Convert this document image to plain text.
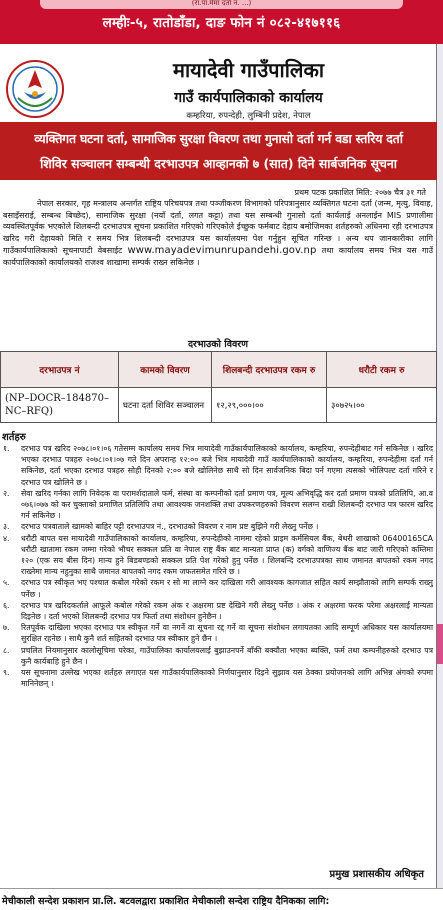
(रा.पा.मेमा दर्ता नं. ...)
लम्हीः-५, रातोडाँडा, दाङ फोन नं ०८२-४१७११६
मायादेवी गाउँपालिका
गाउँ कार्यपालिकाको कार्यालय
कम्हरिया, रुपन्देही, लुम्बिनी प्रदेश, नेपाल
व्यक्तिगत घटना दर्ता, सामाजिक सुरक्षा विवरण तथा गुनासो दर्ता गर्न वडा स्तरिय दर्ता
शिविर सञ्चालन सम्बन्धी दरभाउपत्र आव्हानको ७ (सात) दिने सार्बजनिक सूचना
प्रथम पटक प्रकाशित मिति: २०७७ चैत्र ३१ गते

नेपाल सरकार, गृह मन्त्रालय अन्तर्गत राष्ट्रिय परिचयपत्र तथा पञ्जीकरण विभागको परिपत्रानुसार व्यक्तिगत घटना दर्ता (जन्म, मृत्यु, विवाह, बसाइँसराई, सम्बन्ध बिच्छेद), सामाजिक सुरक्षा (नयाँ दर्ता, लगत कट्टा) तथा यस सम्बन्धी गुनासो दर्ता कार्यलाई अनलाईन MIS प्रणालीमा व्यवस्थितपूर्वक भएकोले शिलबन्दी दरभाउपत्र सूचना प्रकाशित गरिएको गरिएकोले ईच्छुक फर्मबाट देहाय बमोजिमका शर्तहरुको अधिनमा रही दरभाउपत्र खरिद गरी देहायको मिति र समय भित्र शिलबन्दी दरभाउपत्र यस कार्यालयमा पेश गर्नुहुन सूचित गरिन्छ । अन्य थप जानकारीका लागि गाउँकार्यपालिकाको सूचनापाटी वेबसाईट www.mayadevimunrupandehi.gov.np तथा कार्यालय समय भित्र यस गाउँ कार्यपालिकाको कार्यालयको राजश्व शाखामा सम्पर्क राख्न सकिनेछ ।

दरभाउको विवरण
दरभाउपत्र नं	कामको विवरण	शिलबन्दी दरभाउपत्र रकम रु	धरौटी रकम रु
(NP–DOCR–184870–NC–RFQ)	घटना दर्ता शिविर सञ्चालन	१२,२९,०००।००	३०७२५।००
शर्तहरु
१. दरभाउ पत्र खरिद २०७८।०१।०६ गतेसम्म कार्यालय समय भित्र मायादेवी गाउँकार्यपालिकाको कार्यालय, कम्हरिया, रुपन्देहीबाट गर्न सकिनेछ । खरिद भएका दरभाउ पत्रहरु २०७८।०१।०७ गते दिन अपरान्ह १२:०० बजे भित्र मायादेवी गाउँ कार्यपालिकाको कार्यालय, कम्हरिया, रुपन्देहीमा दर्ता गर्न सकिनेछ, दर्ता भएका दरभाउ पत्रहरु सोही दिनको २:०० बजे खोलिनेछ साथै सो दिन सार्वजनिक बिदा पर्न गएमा त्यसको भोलिपल्ट दर्ता गरिने र दरभाउ पत्र खोलिने छ ।
२. सेवा खरिद गर्नका लागि निवेदक वा परामर्शदाताले फर्म, संस्था वा कम्पनीको दर्ता प्रमाण पत्र, मूल्य अभिवृद्धि कर दर्ता प्रमाण पत्रको प्रतिलिपि, आ.व ०७६।०७७ को कर चुक्ताको प्रमाणित प्रतिलिपि तथा आवश्यक जनशक्ति तथा उपकरणहरुको विवरण सलग्न राखी शिलबन्दी दरभाउ पत्र फारम खरिद गर्न सकिनेछ ।
३. दरभाउ पत्रवाताले खामको बाहिर पट्टी दरभाउपत्र नं., दरभाउको विवरण र नाम प्रष्ट बुझिने गरी लेख्नु पर्नेछ ।
४. धरौटी बापत यस मायादेवी गाउँपालिकाको कार्यालय, कम्हरिया, रुपन्देहीको नाममा रहेको प्राइम कर्मसियल बैंक, बेथरी शाखाको 06400165CA धरौटी खातामा रकम जम्मा गरेको भौचर सक्कल प्रति वा नेपाल राष्ट्र बैंक बाट मान्यता प्राप्त (क) वर्गको वाणिज्य बैंक बाट जारी गरिएको कम्तिमा १२० (एक सय बीस दिन) मान्य हुने बिडबण्डको सक्कल प्रति पेश गरेको हुनु पर्नेछ । शिलबन्दि दरभाउपत्रका साथ जमानत बापतको रकम नगद राख्नेमा मान्य नहुनुका साथै जमानत बापतको नगद रकम जफतसमेत गरिने छ ।
५. दरभाउ पत्र स्वीकृत भए पश्चात कबोल गरेको रकम र सो मा लाग्ने कर दाखिला गरी आवश्यक कागजात सहित कार्य सम्झौताको लागि सम्पर्क राख्नु पर्नेछ ।
६. दरभाउ पत्र खरिदकर्ताले आफूले कबोल गरेको रकम अंक र अक्षरमा प्रष्ट देखिने गरी लेख्नु पर्नेछ । अंक र अक्षरमा फरक परेमा अक्षरलाई मान्यता दिइनेछ । दर्ता भएको शिलबन्दी दरभाउ पत्र फिर्ता तथा संशोधन हुनेछैन ।
७. रितपूर्वक दाखिला भएका दरभाउ पत्र स्वीकृत गर्ने वा नगर्ने वा सूचना रद्द गर्ने वा सूचना संशोधन लगायतका आदि सम्पूर्ण अधिकार यस कार्यालयमा सुरक्षित रहनेछ । साथै कुनै शर्त सहितको दरभाउ पत्र स्वीकार हुने छैन ।
८. प्रचलित नियमानुसार कालोसूचिमा परेका, गाउँपालिका कार्यालयलाई बुझाउनपर्ने बाँकी बक्यौता भएका ब्यक्ति, फर्म तथा कम्पनीहरुको दरभाउ पत्र कुनै कार्यबाहि हुने छैन ।
९. यस सूचनामा उल्लेख भएका शर्तहरु लगाएत यस गाउँकार्यपालिकाको निर्णयानुसार दिइने सुझाव यस ठेक्का प्रयोजनको लागि अभिन्न अंगको रुपमा मानिनेछन् ।
प्रमुख प्रशासकीय अधिकृत
मेचीकाली सन्देश प्रकाशन प्रा.लि. बटवलद्वारा प्रकाशित मेचीकाली सन्देश राष्ट्रिय दैनिकका लागि:
